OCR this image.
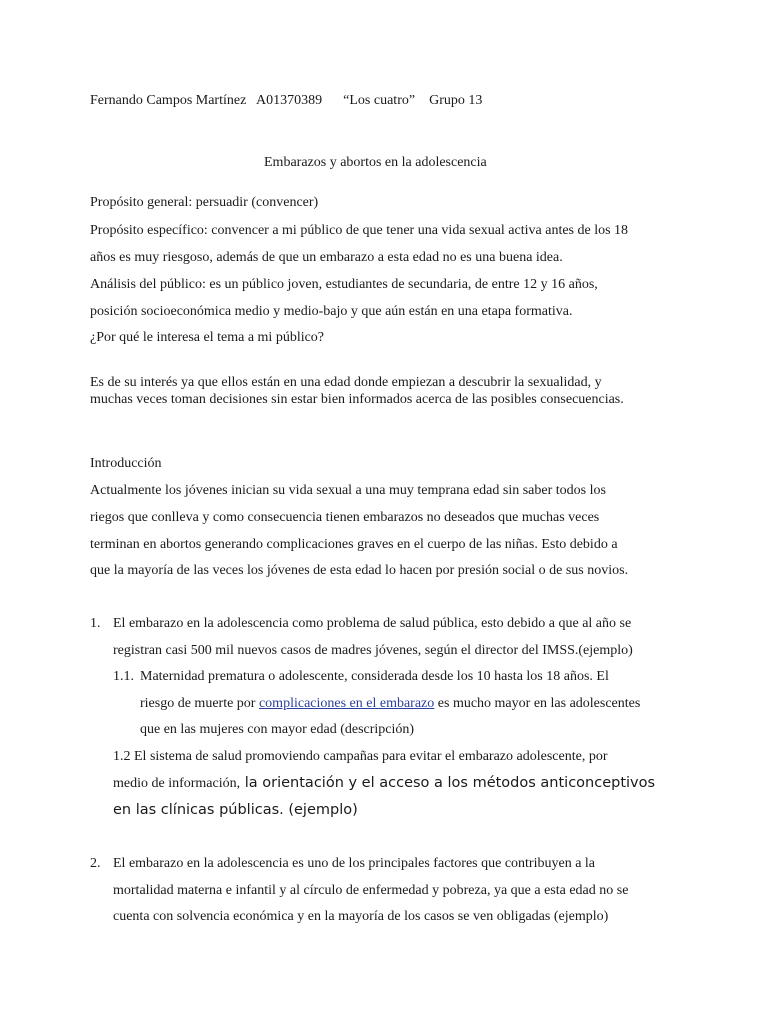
Fernando Campos Martínez A01370389 “Los cuatro” Grupo 13
Embarazos y abortos en la adolescencia
Propósito general: persuadir (convencer)
Propósito específico: convencer a mi público de que tener una vida sexual activa antes de los 18
años es muy riesgoso, además de que un embarazo a esta edad no es una buena idea.
Análisis del público: es un público joven, estudiantes de secundaria, de entre 12 y 16 años,
posición socioeconómica medio y medio-bajo y que aún están en una etapa formativa.
¿Por qué le interesa el tema a mi público?
Es de su interés ya que ellos están en una edad donde empiezan a descubrir la sexualidad, y
muchas veces toman decisiones sin estar bien informados acerca de las posibles consecuencias.
Introducción
Actualmente los jóvenes inician su vida sexual a una muy temprana edad sin saber todos los
riegos que conlleva y como consecuencia tienen embarazos no deseados que muchas veces
terminan en abortos generando complicaciones graves en el cuerpo de las niñas. Esto debido a
que la mayoría de las veces los jóvenes de esta edad lo hacen por presión social o de sus novios.
1. El embarazo en la adolescencia como problema de salud pública, esto debido a que al año se
registran casi 500 mil nuevos casos de madres jóvenes, según el director del IMSS.(ejemplo)
1.1. Maternidad prematura o adolescente, considerada desde los 10 hasta los 18 años. El
riesgo de muerte por complicaciones en el embarazo es mucho mayor en las adolescentes
que en las mujeres con mayor edad (descripción)
1.2 El sistema de salud promoviendo campañas para evitar el embarazo adolescente, por
medio de información, la orientación y el acceso a los métodos anticonceptivos
en las clínicas públicas. (ejemplo)
2. El embarazo en la adolescencia es uno de los principales factores que contribuyen a la
mortalidad materna e infantil y al círculo de enfermedad y pobreza, ya que a esta edad no se
cuenta con solvencia económica y en la mayoría de los casos se ven obligadas (ejemplo)
